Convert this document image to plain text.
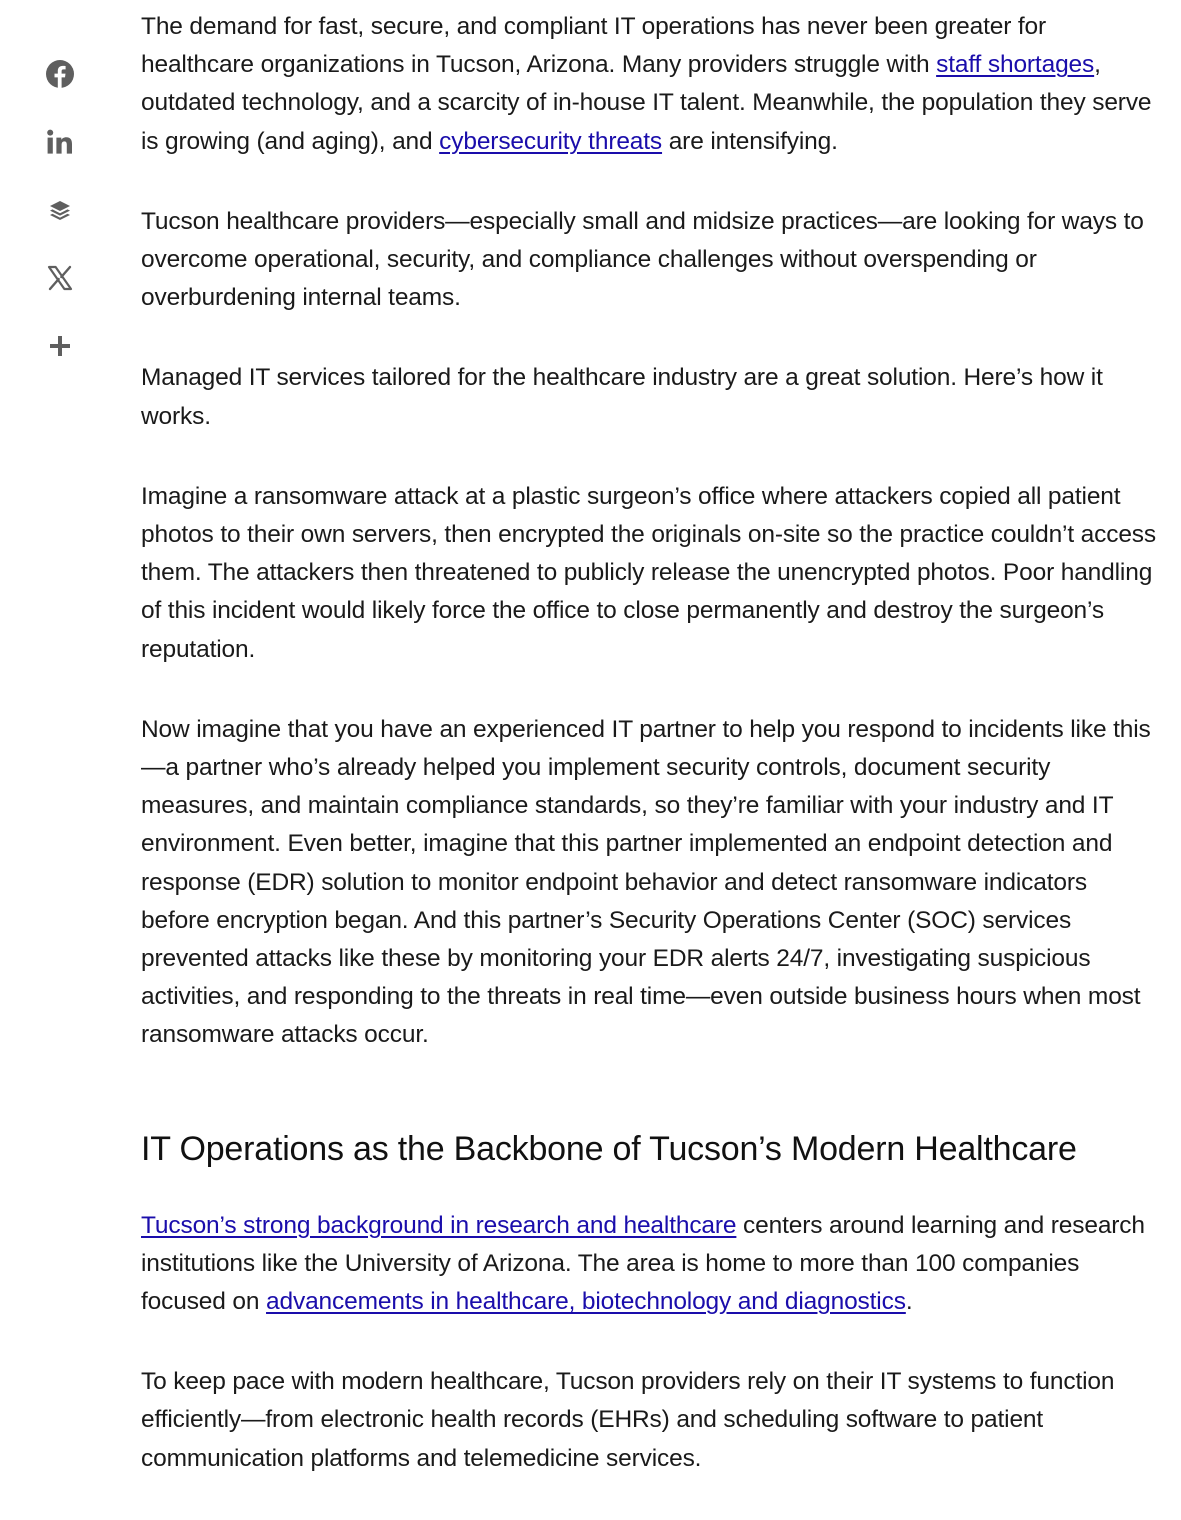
The demand for fast, secure, and compliant IT operations has never been greater for healthcare organizations in Tucson, Arizona. Many providers struggle with staff shortages, outdated technology, and a scarcity of in-house IT talent. Meanwhile, the population they serve is growing (and aging), and cybersecurity threats are intensifying.

Tucson healthcare providers—especially small and midsize practices—are looking for ways to overcome operational, security, and compliance challenges without overspending or overburdening internal teams.

Managed IT services tailored for the healthcare industry are a great solution. Here’s how it works.

Imagine a ransomware attack at a plastic surgeon’s office where attackers copied all patient photos to their own servers, then encrypted the originals on-site so the practice couldn’t access them. The attackers then threatened to publicly release the unencrypted photos. Poor handling of this incident would likely force the office to close permanently and destroy the surgeon’s reputation.

Now imagine that you have an experienced IT partner to help you respond to incidents like this—a partner who’s already helped you implement security controls, document security measures, and maintain compliance standards, so they’re familiar with your industry and IT environment. Even better, imagine that this partner implemented an endpoint detection and response (EDR) solution to monitor endpoint behavior and detect ransomware indicators before encryption began. And this partner’s Security Operations Center (SOC) services prevented attacks like these by monitoring your EDR alerts 24/7, investigating suspicious activities, and responding to the threats in real time—even outside business hours when most ransomware attacks occur.

IT Operations as the Backbone of Tucson’s Modern Healthcare

Tucson’s strong background in research and healthcare centers around learning and research institutions like the University of Arizona. The area is home to more than 100 companies focused on advancements in healthcare, biotechnology and diagnostics.

To keep pace with modern healthcare, Tucson providers rely on their IT systems to function efficiently—from electronic health records (EHRs) and scheduling software to patient communication platforms and telemedicine services.
